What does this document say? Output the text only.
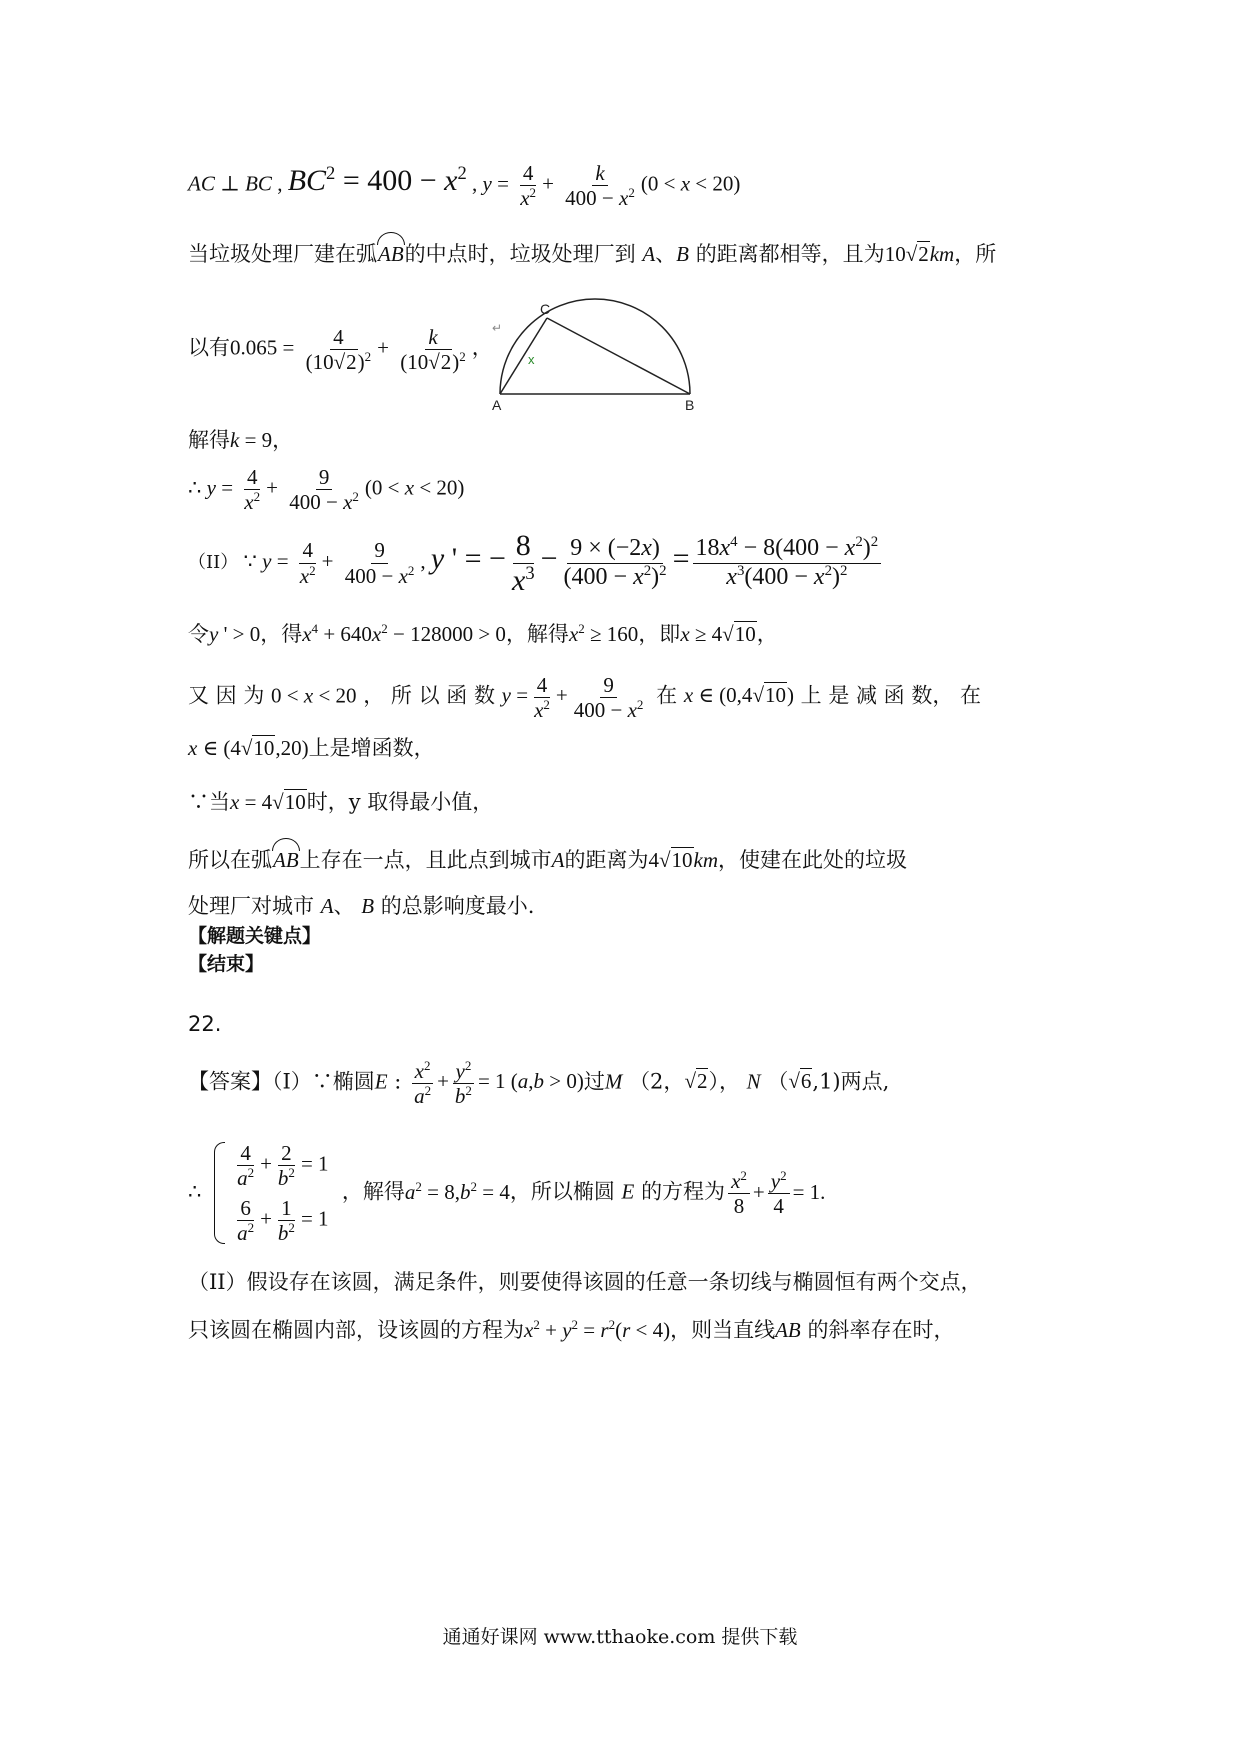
AC ⊥ BC , $BC^2 = 400 - x^2$ , $y = \frac{4}{x^2} + \frac{k}{400 - x^2} (0 < x < 20)$
当垃圾处理厂建在弧AB的中点时，垃圾处理厂到 A、B 的距离都相等，且为10√2km，所
以有$0.065 = \frac{4}{(10√2)^2} + \frac{k}{(10√2)^2}$ ，
↵
C
x
A	B
解得k = 9，
∴ $y = \frac{4}{x^2} + \frac{9}{400 - x^2} (0 < x < 20)$
（II） ∵ $y = \frac{4}{x^2} + \frac{9}{400 - x^2}$ , y ' = − $\frac{8}{x^3} - \frac{9 \times (-2x)}{(400 - x^2)^2} = \frac{18x^4 - 8(400 - x^2)^2}{x^3(400 - x^2)^2}$
令y ' > 0，得$x^4 + 640x^2 - 128000 > 0$，解得$x^2 \ge 160$，即x ≥ 4√10，
又 因 为 0 < x < 20 ， 所 以 函 数 $y = \frac{4}{x^2} + \frac{9}{400 - x^2}$ 在 x ∈ (0,4√10) 上 是 减 函 数， 在
x ∈ (4√10,20)上是增函数，
∵当x = 4√10时，y 取得最小值，
所以在弧AB上存在一点，且此点到城市A的距离为4√10km，使建在此处的垃圾
处理厂对城市 A、 B 的总影响度最小.
【解题关键点】
【结束】
22.
【答案】（I）∵椭圆E : $\frac{x^2}{a^2} + \frac{y^2}{b^2} = 1$ (a,b > 0)过M （2，√2）， N （√6,1)两点,
∴
$\frac{4}{a^2} + \frac{2}{b^2} = 1$
$\frac{6}{a^2} + \frac{1}{b^2} = 1$
，解得$a^2 = 8,b^2 = 4$，所以椭圆 E 的方程为 $\frac{x^2}{8} + \frac{y^2}{4} = 1$.
（II）假设存在该圆，满足条件，则要使得该圆的任意一条切线与椭圆恒有两个交点，
只该圆在椭圆内部，设该圆的方程为$x^2 + y^2 = r^2(r < 4)$，则当直线AB 的斜率存在时，
通通好课网 www.tthaoke.com 提供下载
